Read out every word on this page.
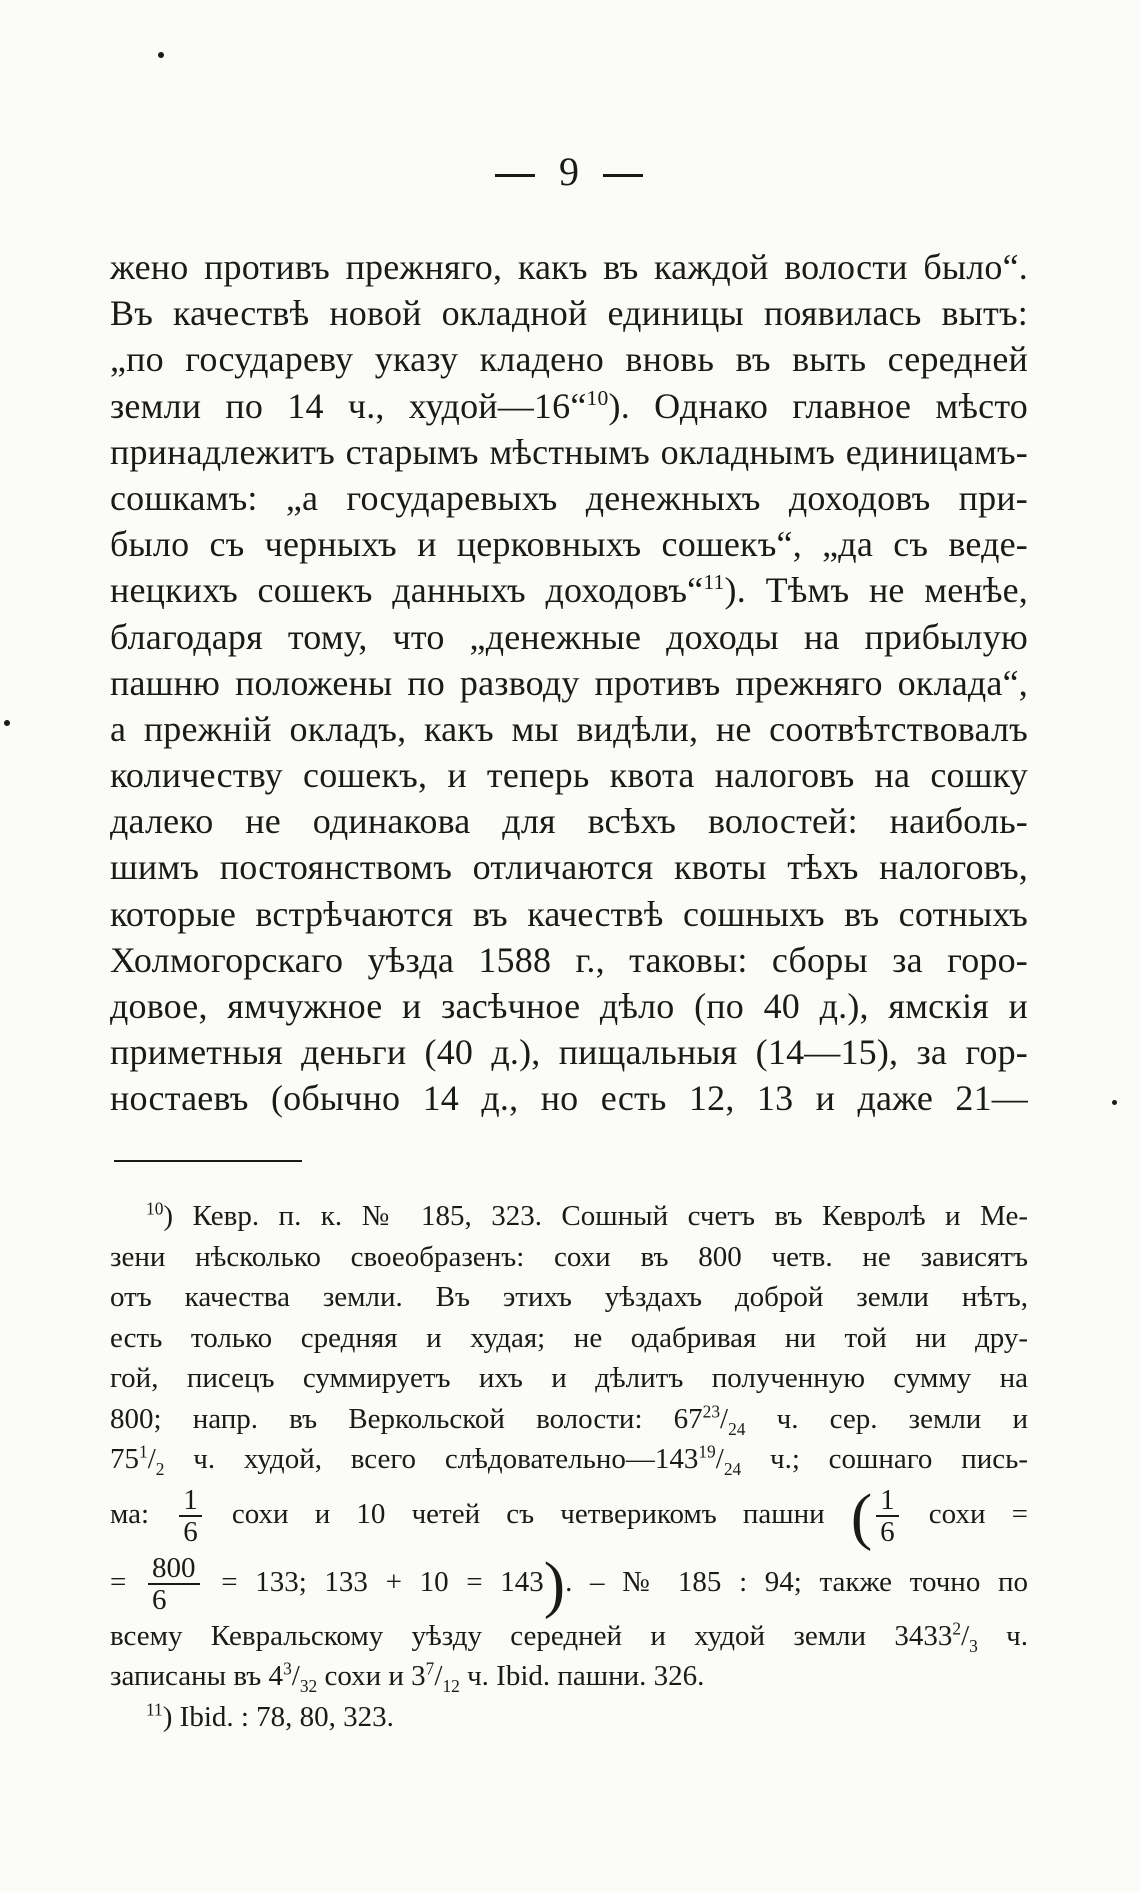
9
жено противъ прежняго, какъ въ каждой волости было“.
Въ качествѣ новой окладной единицы появилась вытъ:
„по государеву указу кладено вновь въ выть середней
земли по 14 ч., худой—16“$^{10}$). Однако главное мѣсто
принадлежитъ старымъ мѣстнымъ окладнымъ единицамъ-
сошкамъ: „а государевыхъ денежныхъ доходовъ при-
было съ черныхъ и церковныхъ сошекъ“, „да съ веде-
нецкихъ сошекъ данныхъ доходовъ“$^{11}$). Тѣмъ не менѣе,
благодаря тому, что „денежные доходы на прибылую
пашню положены по разводу противъ прежняго оклада“,
а прежній окладъ, какъ мы видѣли, не соотвѣтствовалъ
количеству сошекъ, и теперь квота налоговъ на сошку
далеко не одинакова для всѣхъ волостей: наиболь-
шимъ постоянствомъ отличаются квоты тѣхъ налоговъ,
которые встрѣчаются въ качествѣ сошныхъ въ сотныхъ
Холмогорскаго уѣзда 1588 г., таковы: сборы за горо-
довое, ямчужное и засѣчное дѣло (по 40 д.), ямскія и
приметныя деньги (40 д.), пищальныя (14—15), за гор-
ностаевъ (обычно 14 д., но есть 12, 13 и даже 21—
$^{10}$) Кевр. п. к. № 185, 323. Сошный счетъ въ Кевролѣ и Ме-
зени нѣсколько своеобразенъ: сохи въ 800 четв. не зависятъ
отъ качества земли. Въ этихъ уѣздахъ доброй земли нѣтъ,
есть только средняя и худая; не одабривая ни той ни дру-
гой, писецъ суммируетъ ихъ и дѣлитъ полученную сумму на
800; напр. въ Веркольской волости: $67^{23}/_{24}$ ч. сер. земли и
$75^1/_2$ ч. худой, всего $слѣдовательно—143^{19}/_{24}$ ч.; сошнаго пись-
ма: $\frac{1}{6}$ сохи и 10 четей съ четверикомъ пашни ( $\frac{1}{6}$ сохи =
= $\frac{800}{6} = 133$; 133 + 10 = 143). – № 185 : 94; также точно по
всему Кевральскому уѣзду середней и худой земли $3433^2/_3$ ч.
записаны въ $4^3/_{32}$ сохи и $3^7/_{12}$ ч. Ibid. пашни. 326.
$^{11}$) Ibid. : 78, 80, 323.
